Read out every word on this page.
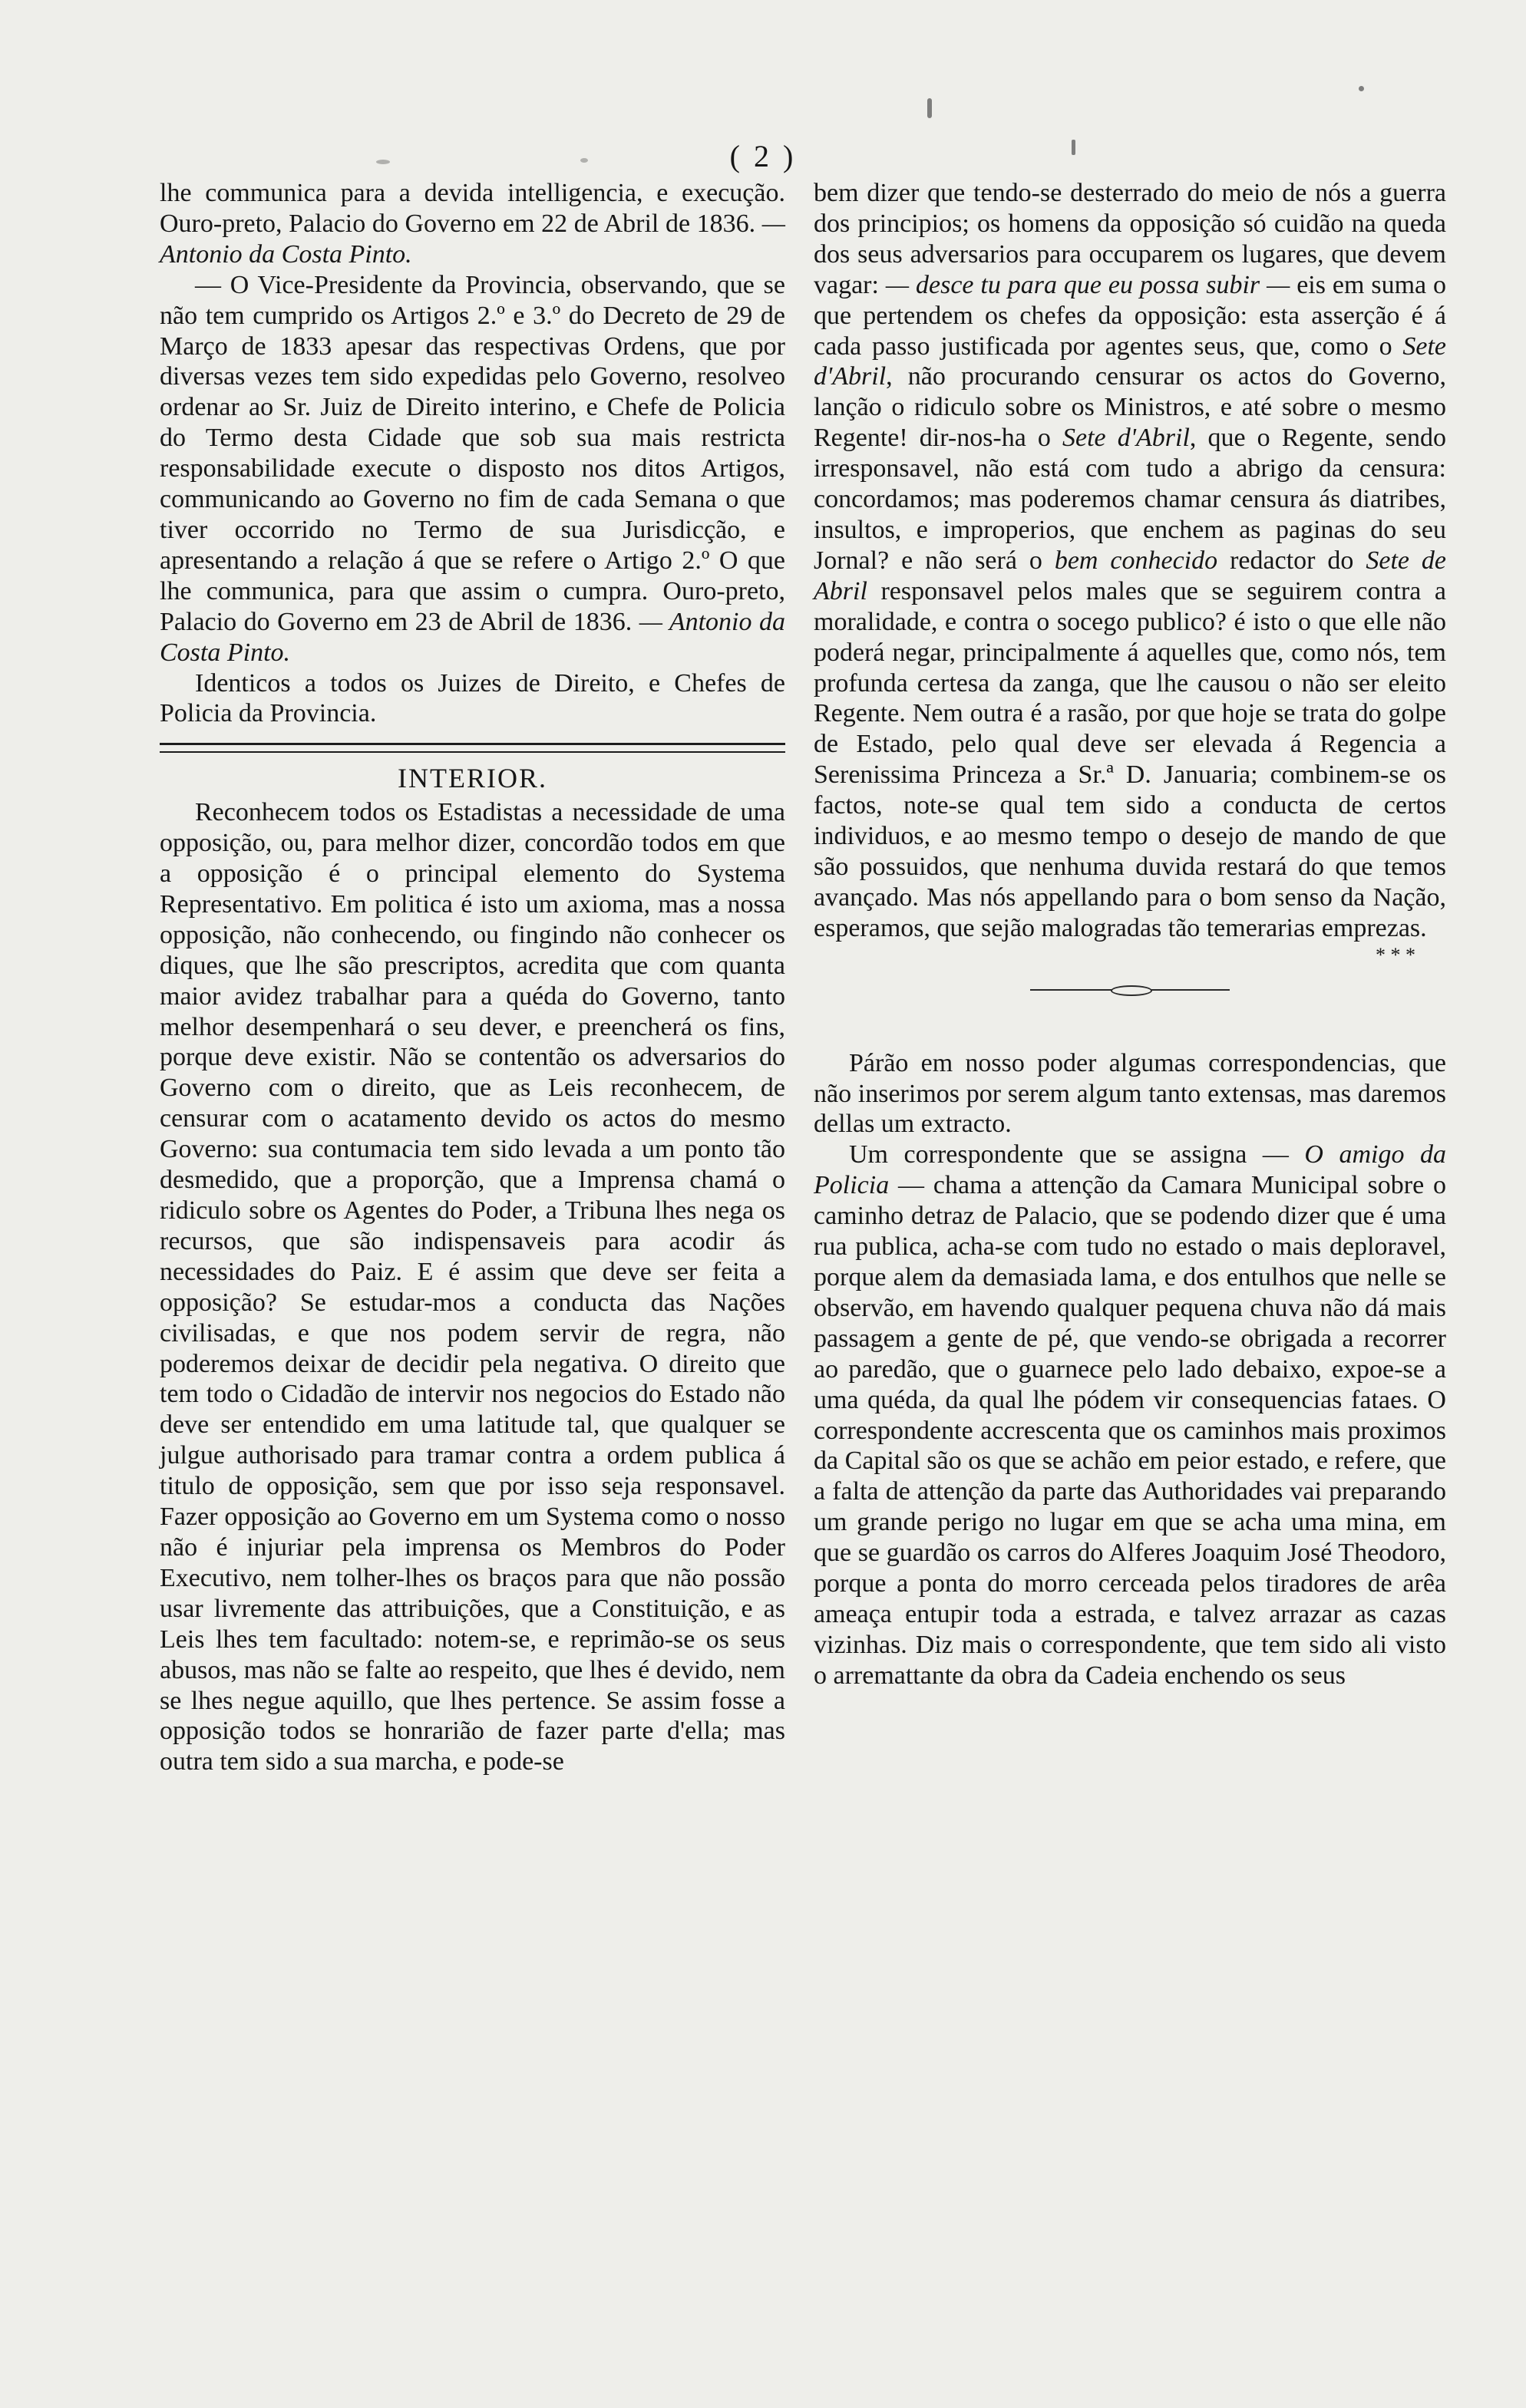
( 2 )

lhe communica para a devida intelligencia, e execução. Ouro-preto, Palacio do Governo em 22 de Abril de 1836. — Antonio da Costa Pinto.

— O Vice-Presidente da Provincia, observando, que se não tem cumprido os Artigos 2.º e 3.º do Decreto de 29 de Março de 1833 apesar das respectivas Ordens, que por diversas vezes tem sido expedidas pelo Governo, resolveo ordenar ao Sr. Juiz de Direito interino, e Chefe de Policia do Termo desta Cidade que sob sua mais restricta responsabilidade execute o disposto nos ditos Artigos, communicando ao Governo no fim de cada Semana o que tiver occorrido no Termo de sua Jurisdicção, e apresentando a relação á que se refere o Artigo 2.º O que lhe communica, para que assim o cumpra. Ouro-preto, Palacio do Governo em 23 de Abril de 1836. — Antonio da Costa Pinto.

Identicos a todos os Juizes de Direito, e Chefes de Policia da Provincia.

INTERIOR.

Reconhecem todos os Estadistas a necessidade de uma opposição, ou, para melhor dizer, concordão todos em que a opposição é o principal elemento do Systema Representativo. Em politica é isto um axioma, mas a nossa opposição, não conhecendo, ou fingindo não conhecer os diques, que lhe são prescriptos, acredita que com quanta maior avidez trabalhar para a quéda do Governo, tanto melhor desempenhará o seu dever, e preencherá os fins, porque deve existir. Não se contentão os adversarios do Governo com o direito, que as Leis reconhecem, de censurar com o acatamento devido os actos do mesmo Governo: sua contumacia tem sido levada a um ponto tão desmedido, que a proporção, que a Imprensa chamá o ridiculo sobre os Agentes do Poder, a Tribuna lhes nega os recursos, que são indispensaveis para acodir ás necessidades do Paiz. E é assim que deve ser feita a opposição? Se estudar-mos a conducta das Nações civilisadas, e que nos podem servir de regra, não poderemos deixar de decidir pela negativa. O direito que tem todo o Cidadão de intervir nos negocios do Estado não deve ser entendido em uma latitude tal, que qualquer se julgue authorisado para tramar contra a ordem publica á titulo de opposição, sem que por isso seja responsavel. Fazer opposição ao Governo em um Systema como o nosso não é injuriar pela imprensa os Membros do Poder Executivo, nem tolher-lhes os braços para que não possão usar livremente das attribuições, que a Constituição, e as Leis lhes tem facultado: notem-se, e reprimão-se os seus abusos, mas não se falte ao respeito, que lhes é devido, nem se lhes negue aquillo, que lhes pertence. Se assim fosse a opposição todos se honrarião de fazer parte d'ella; mas outra tem sido a sua marcha, e pode-se

bem dizer que tendo-se desterrado do meio de nós a guerra dos principios; os homens da opposição só cuidão na queda dos seus adversarios para occuparem os lugares, que devem vagar: — desce tu para que eu possa subir — eis em suma o que pertendem os chefes da opposição: esta asserção é á cada passo justificada por agentes seus, que, como o Sete d'Abril, não procurando censurar os actos do Governo, lanção o ridiculo sobre os Ministros, e até sobre o mesmo Regente! dir-nos-ha o Sete d'Abril, que o Regente, sendo irresponsavel, não está com tudo a abrigo da censura: concordamos; mas poderemos chamar censura ás diatribes, insultos, e improperios, que enchem as paginas do seu Jornal? e não será o bem conhecido redactor do Sete de Abril responsavel pelos males que se seguirem contra a moralidade, e contra o socego publico? é isto o que elle não poderá negar, principalmente á aquelles que, como nós, tem profunda certesa da zanga, que lhe causou o não ser eleito Regente. Nem outra é a rasão, por que hoje se trata do golpe de Estado, pelo qual deve ser elevada á Regencia a Serenissima Princeza a Sr.ª D. Januaria; combinem-se os factos, note-se qual tem sido a conducta de certos individuos, e ao mesmo tempo o desejo de mando de que são possuidos, que nenhuma duvida restará do que temos avançado. Mas nós appellando para o bom senso da Nação, esperamos, que sejão malogradas tão temerarias emprezas.

* * *

Párão em nosso poder algumas correspondencias, que não inserimos por serem algum tanto extensas, mas daremos dellas um extracto.

Um correspondente que se assigna — O amigo da Policia — chama a attenção da Camara Municipal sobre o caminho detraz de Palacio, que se podendo dizer que é uma rua publica, acha-se com tudo no estado o mais deploravel, porque alem da demasiada lama, e dos entulhos que nelle se observão, em havendo qualquer pequena chuva não dá mais passagem a gente de pé, que vendo-se obrigada a recorrer ao paredão, que o guarnece pelo lado debaixo, expoe-se a uma quéda, da qual lhe pódem vir consequencias fataes. O correspondente accrescenta que os caminhos mais proximos da Capital são os que se achão em peior estado, e refere, que a falta de attenção da parte das Authoridades vai preparando um grande perigo no lugar em que se acha uma mina, em que se guardão os carros do Alferes Joaquim José Theodoro, porque a ponta do morro cerceada pelos tiradores de arêa ameaça entupir toda a estrada, e talvez arrazar as cazas vizinhas. Diz mais o correspondente, que tem sido ali visto o arremattante da obra da Cadeia enchendo os seus
